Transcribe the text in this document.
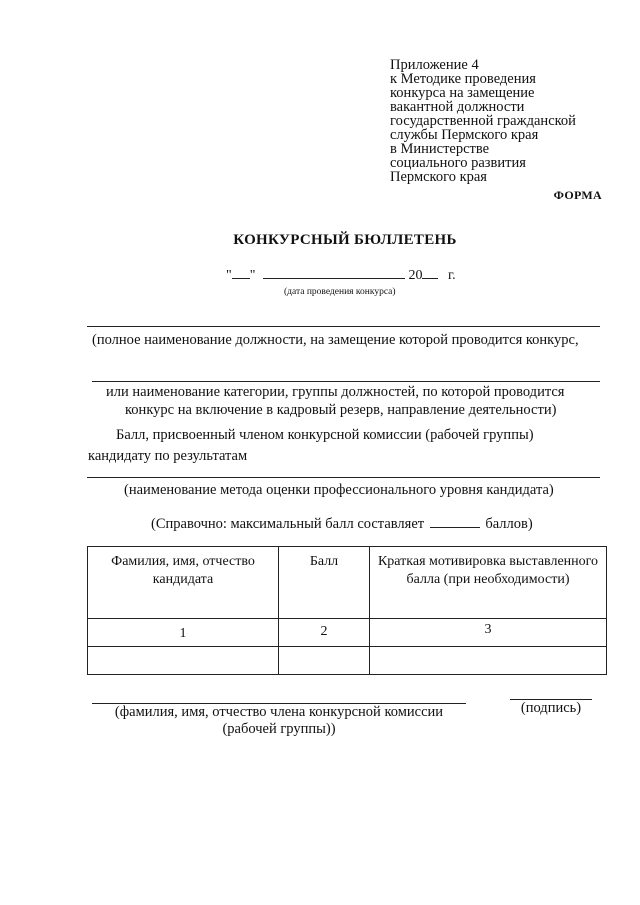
Приложение 4
к Методике проведения
конкурса на замещение
вакантной должности
государственной гражданской
службы Пермского края
в Министерстве
социального развития
Пермского края
ФОРМА
КОНКУРСНЫЙ БЮЛЛЕТЕНЬ
" "	20 г.
(дата проведения конкурса)
(полное наименование должности, на замещение которой проводится конкурс,
или наименование категории, группы должностей, по которой проводится
конкурс на включение в кадровый резерв, направление деятельности)
Балл, присвоенный членом конкурсной комиссии (рабочей группы)
кандидату по результатам
(наименование метода оценки профессионального уровня кандидата)
(Справочно: максимальный балл составляет	баллов)
Фамилия, имя, отчество кандидата	Балл	Краткая мотивировка выставленного балла (при необходимости)
1	2	3

(фамилия, имя, отчество члена конкурсной комиссии
(рабочей группы))
(подпись)
